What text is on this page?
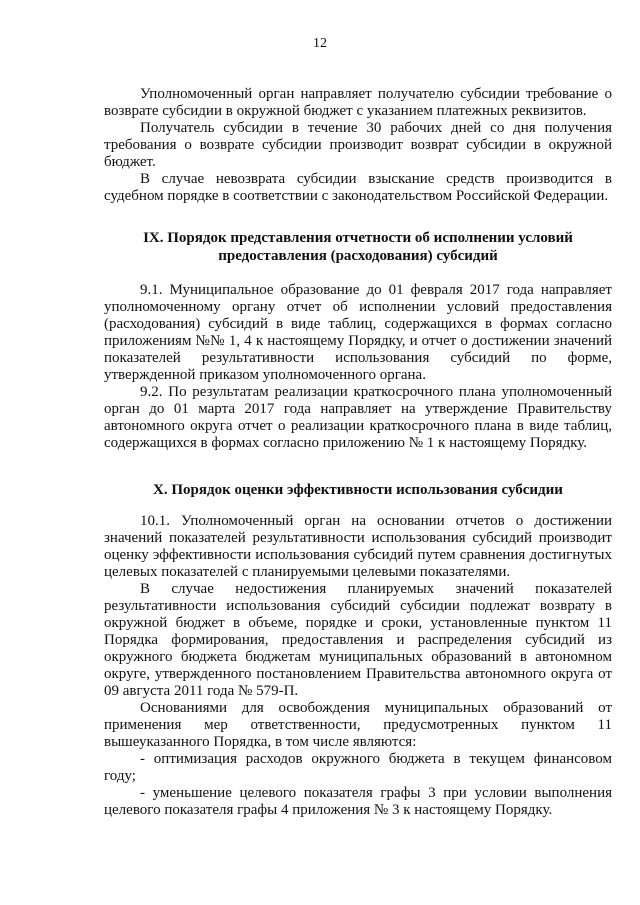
12

Уполномоченный орган направляет получателю субсидии требование о возврате субсидии в окружной бюджет с указанием платежных реквизитов.

Получатель субсидии в течение 30 рабочих дней со дня получения требования о возврате субсидии производит возврат субсидии в окружной бюджет.

В случае невозврата субсидии взыскание средств производится в судебном порядке в соответствии с законодательством Российской Федерации.

IX. Порядок представления отчетности об исполнении условий предоставления (расходования) субсидий

9.1. Муниципальное образование до 01 февраля 2017 года направляет уполномоченному органу отчет об исполнении условий предоставления (расходования) субсидий в виде таблиц, содержащихся в формах согласно приложениям №№ 1, 4 к настоящему Порядку, и отчет о достижении значений показателей результативности использования субсидий по форме, утвержденной приказом уполномоченного органа.

9.2. По результатам реализации краткосрочного плана уполномоченный орган до 01 марта 2017 года направляет на утверждение Правительству автономного округа отчет о реализации краткосрочного плана в виде таблиц, содержащихся в формах согласно приложению № 1 к настоящему Порядку.

X. Порядок оценки эффективности использования субсидии

10.1. Уполномоченный орган на основании отчетов о достижении значений показателей результативности использования субсидий производит оценку эффективности использования субсидий путем сравнения достигнутых целевых показателей с планируемыми целевыми показателями.

В случае недостижения планируемых значений показателей результативности использования субсидий субсидии подлежат возврату в окружной бюджет в объеме, порядке и сроки, установленные пунктом 11 Порядка формирования, предоставления и распределения субсидий из окружного бюджета бюджетам муниципальных образований в автономном округе, утвержденного постановлением Правительства автономного округа от 09 августа 2011 года № 579-П.

Основаниями для освобождения муниципальных образований от применения мер ответственности, предусмотренных пунктом 11 вышеуказанного Порядка, в том числе являются:

- оптимизация расходов окружного бюджета в текущем финансовом году;

- уменьшение целевого показателя графы 3 при условии выполнения целевого показателя графы 4 приложения № 3 к настоящему Порядку.
